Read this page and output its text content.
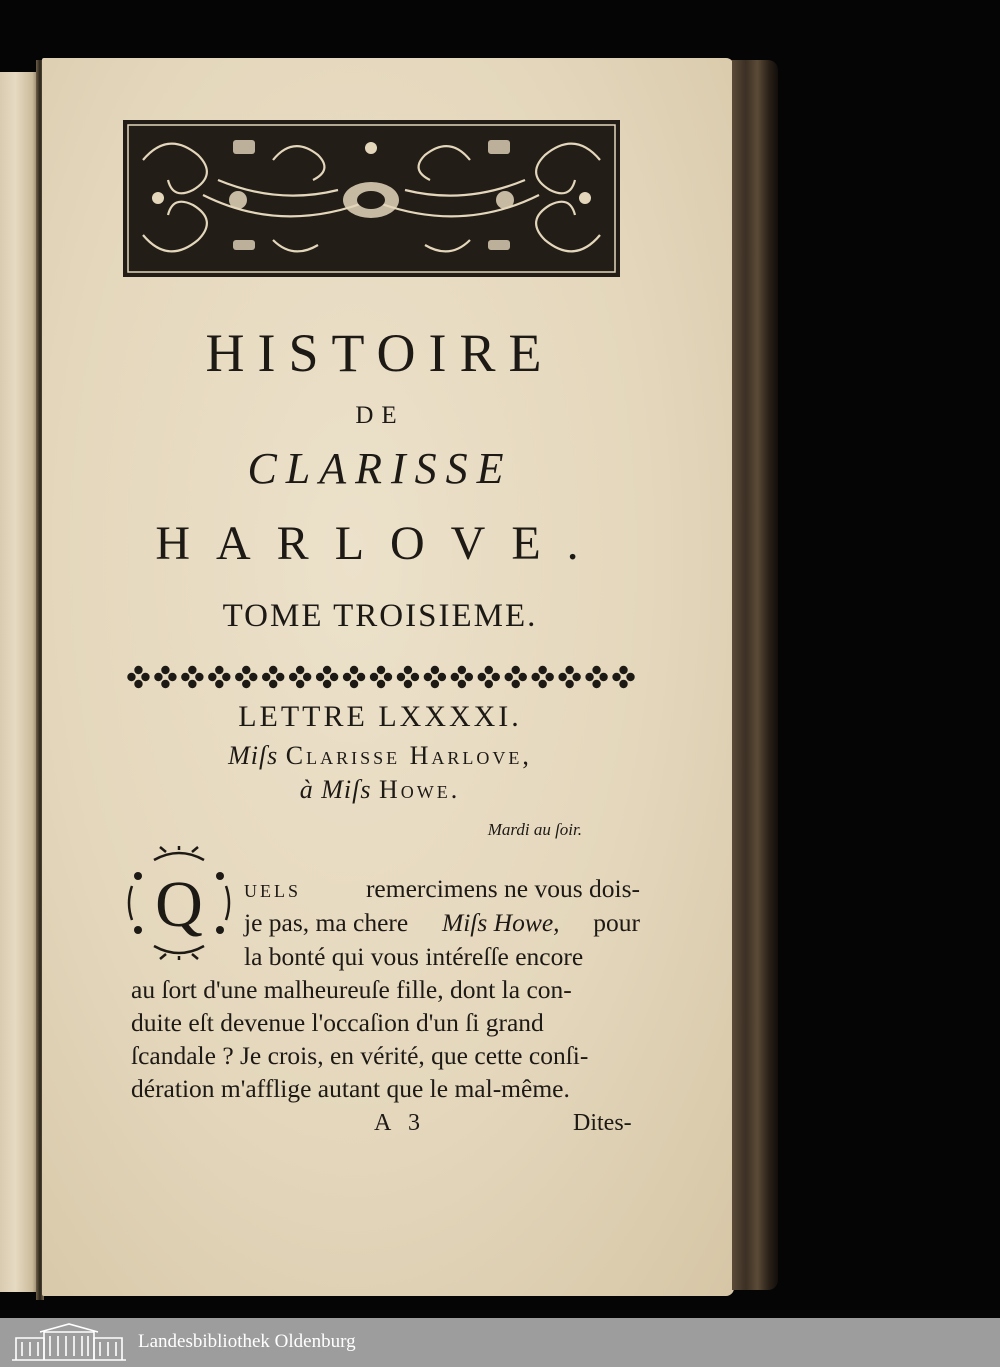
HISTOIRE
DE
CLARISSE
HARLOVE.
TOME TROISIEME.
LETTRE LXXXXI.
Miſs Clarisse Harlove,
à Miſs Howe.
Mardi au ſoir.
Q uels	remercimens ne vous dois-
je pas, ma chere Miſs Howe, pour
la bonté qui vous intéreſſe encore
au ſort d'une malheureuſe fille, dont la con-
duite eſt devenue l'occaſion d'un ſi grand
ſcandale ? Je crois, en vérité, que cette conſi-
dération m'afflige autant que le mal-même.
A 3	Dites-
Landesbibliothek Oldenburg
